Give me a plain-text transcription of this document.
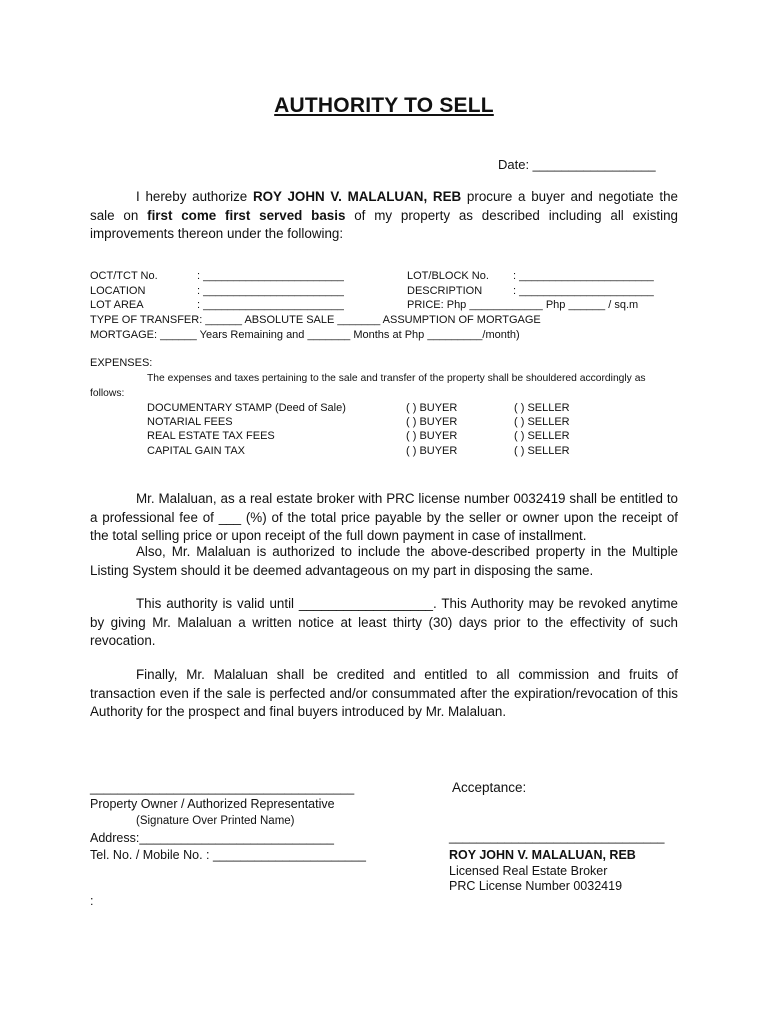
AUTHORITY TO SELL
Date: _________________
I hereby authorize ROY JOHN V. MALALUAN, REB procure a buyer and negotiate the sale on first come first served basis of my property as described including all existing improvements thereon under the following:
OCT/TCT No.	: _______________________	LOT/BLOCK No. : ______________________
LOCATION	: _______________________	DESCRIPTION	: ______________________
LOT AREA	: _______________________	PRICE: Php ____________ Php ______ / sq.m
TYPE OF TRANSFER: ______ ABSOLUTE SALE _______ ASSUMPTION OF MORTGAGE
MORTGAGE: ______ Years Remaining and _______ Months at Php _________/month)
EXPENSES:
The expenses and taxes pertaining to the sale and transfer of the property shall be shouldered accordingly as follows:
DOCUMENTARY STAMP (Deed of Sale)	( ) BUYER	( ) SELLER
NOTARIAL FEES	( ) BUYER	( ) SELLER
REAL ESTATE TAX FEES	( ) BUYER	( ) SELLER
CAPITAL GAIN TAX	( ) BUYER	( ) SELLER
Mr. Malaluan, as a real estate broker with PRC license number 0032419 shall be entitled to a professional fee of ___ (%) of the total price payable by the seller or owner upon the receipt of the total selling price or upon receipt of the full down payment in case of installment.
Also, Mr. Malaluan is authorized to include the above-described property in the Multiple Listing System should it be deemed advantageous on my part in disposing the same.
This authority is valid until __________________. This Authority may be revoked anytime by giving Mr. Malaluan a written notice at least thirty (30) days prior to the effectivity of such revocation.
Finally, Mr. Malaluan shall be credited and entitled to all commission and fruits of transaction even if the sale is perfected and/or consummated after the expiration/revocation of this Authority for the prospect and final buyers introduced by Mr. Malaluan.
______________________________________
Property Owner / Authorized Representative
(Signature Over Printed Name)
Address:____________________________
Tel. No. / Mobile No. : ______________________
Acceptance:
_______________________________
ROY JOHN V. MALALUAN, REB
Licensed Real Estate Broker
PRC License Number 0032419
:
